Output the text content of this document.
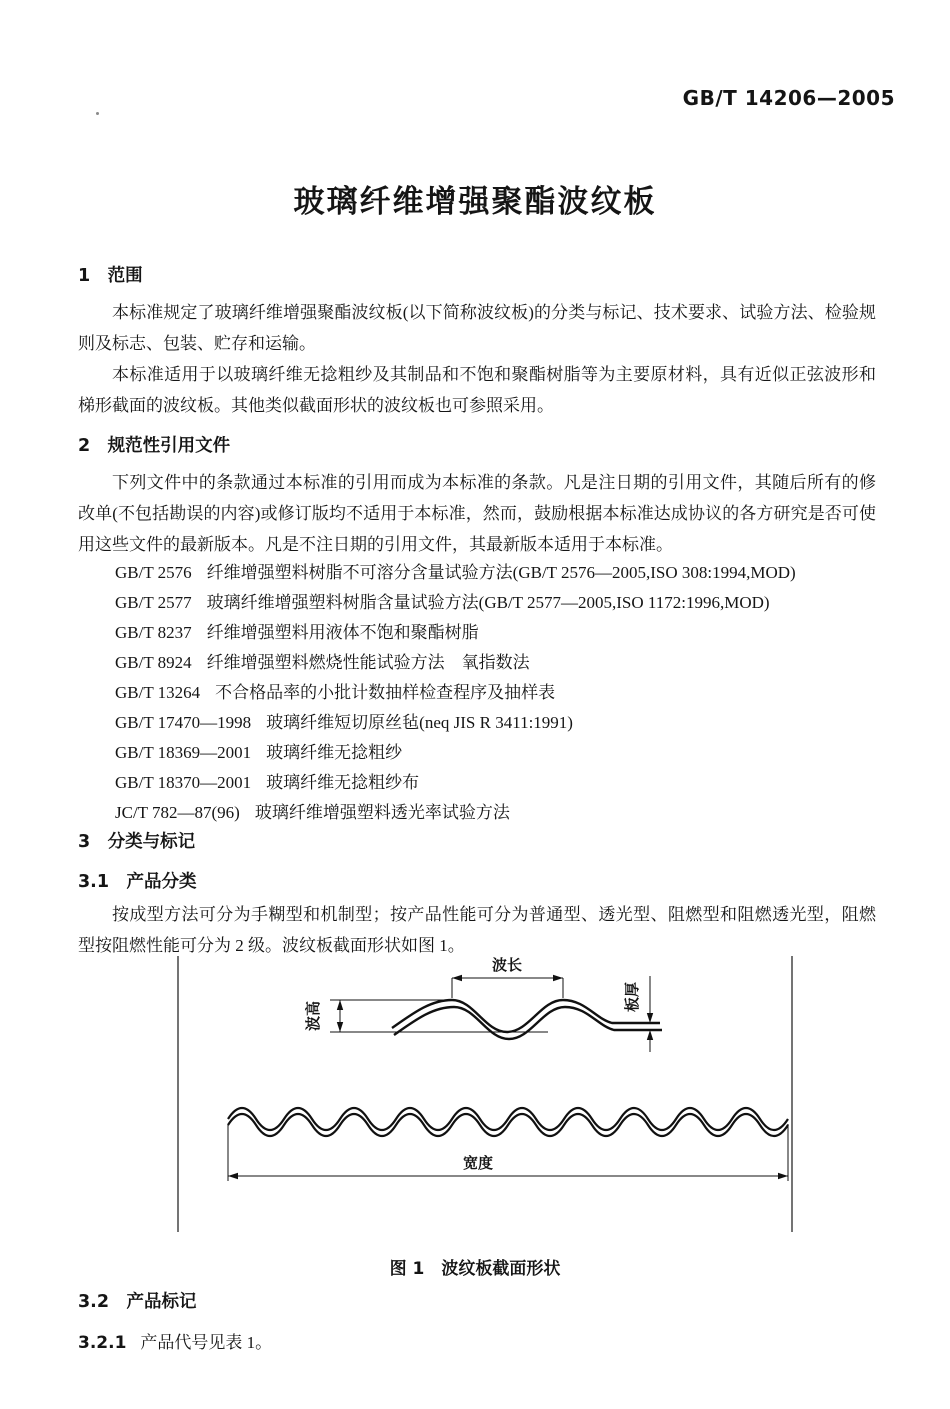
GB/T 14206—2005
玻璃纤维增强聚酯波纹板
1　范围
本标准规定了玻璃纤维增强聚酯波纹板(以下简称波纹板)的分类与标记、技术要求、试验方法、检验规则及标志、包装、贮存和运输。
本标准适用于以玻璃纤维无捻粗纱及其制品和不饱和聚酯树脂等为主要原材料，具有近似正弦波形和梯形截面的波纹板。其他类似截面形状的波纹板也可参照采用。
2　规范性引用文件
下列文件中的条款通过本标准的引用而成为本标准的条款。凡是注日期的引用文件，其随后所有的修改单(不包括勘误的内容)或修订版均不适用于本标准，然而，鼓励根据本标准达成协议的各方研究是否可使用这些文件的最新版本。凡是不注日期的引用文件，其最新版本适用于本标准。
GB/T 2576 纤维增强塑料树脂不可溶分含量试验方法(GB/T 2576—2005,ISO 308:1994,MOD)
GB/T 2577 玻璃纤维增强塑料树脂含量试验方法(GB/T 2577—2005,ISO 1172:1996,MOD)
GB/T 8237 纤维增强塑料用液体不饱和聚酯树脂
GB/T 8924 纤维增强塑料燃烧性能试验方法　氧指数法
GB/T 13264 不合格品率的小批计数抽样检查程序及抽样表
GB/T 17470—1998 玻璃纤维短切原丝毡(neq JIS R 3411:1991)
GB/T 18369—2001 玻璃纤维无捻粗纱
GB/T 18370—2001 玻璃纤维无捻粗纱布
JC/T 782—87(96) 玻璃纤维增强塑料透光率试验方法
3　分类与标记
3.1　产品分类
按成型方法可分为手糊型和机制型；按产品性能可分为普通型、透光型、阻燃型和阻燃透光型，阻燃型按阻燃性能可分为 2 级。波纹板截面形状如图 1。
波长
波高
板厚
宽度
图 1　波纹板截面形状
3.2　产品标记
3.2.1 产品代号见表 1。
